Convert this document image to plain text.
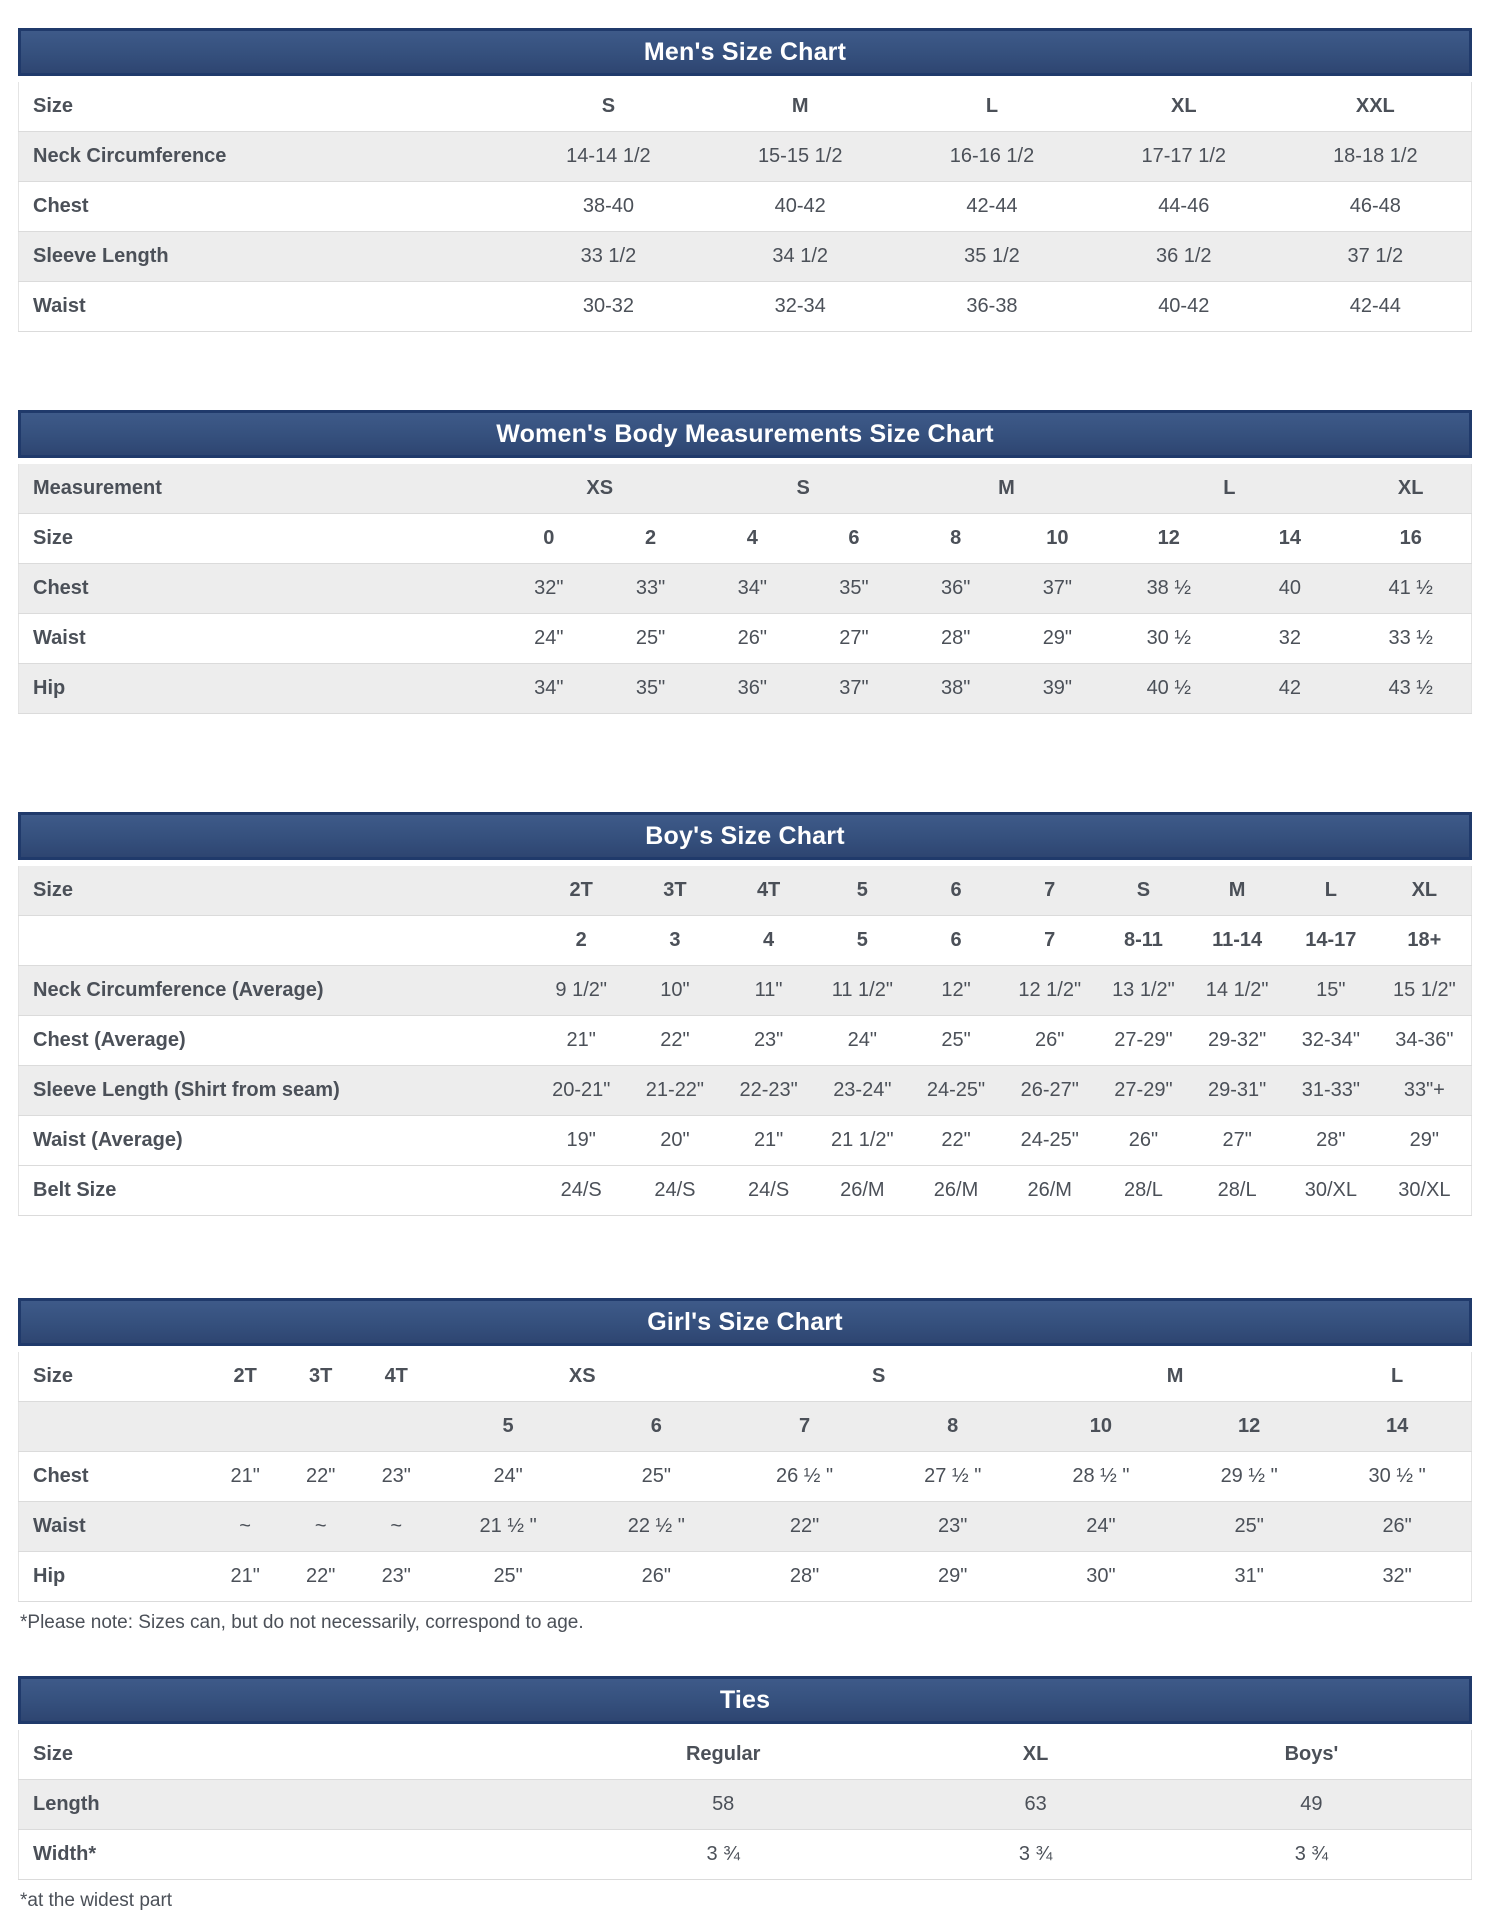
Men's Size Chart
Size	S	M	L	XL	XXL
Neck Circumference	14-14 1/2	15-15 1/2	16-16 1/2	17-17 1/2	18-18 1/2
Chest	38-40	40-42	42-44	44-46	46-48
Sleeve Length	33 1/2	34 1/2	35 1/2	36 1/2	37 1/2
Waist	30-32	32-34	36-38	40-42	42-44
Women's Body Measurements Size Chart
Measurement	XS		S		M		L		XL
Size	0	2	4	6	8	10	12	14	16
Chest	32"	33"	34"	35"	36"	37"	38 ½	40	41 ½
Waist	24"	25"	26"	27"	28"	29"	30 ½	32	33 ½
Hip	34"	35"	36"	37"	38"	39"	40 ½	42	43 ½
Boy's Size Chart
Size	2T	3T	4T	5	6	7	S	M	L	XL
	2	3	4	5	6	7	8-11	11-14	14-17	18+
Neck Circumference (Average)	9 1/2"	10"	11"	11 1/2"	12"	12 1/2"	13 1/2"	14 1/2"	15"	15 1/2"
Chest (Average)	21"	22"	23"	24"	25"	26"	27-29"	29-32"	32-34"	34-36"
Sleeve Length (Shirt from seam)	20-21"	21-22"	22-23"	23-24"	24-25"	26-27"	27-29"	29-31"	31-33"	33"+
Waist (Average)	19"	20"	21"	21 1/2"	22"	24-25"	26"	27"	28"	29"
Belt Size	24/S	24/S	24/S	26/M	26/M	26/M	28/L	28/L	30/XL	30/XL
Girl's Size Chart
Size	2T	3T	4T	XS		S		M		L
				5	6	7	8	10	12	14
Chest	21"	22"	23"	24"	25"	26 ½ "	27 ½ "	28 ½ "	29 ½ "	30 ½ "
Waist	~	~	~	21 ½ "	22 ½ "	22"	23"	24"	25"	26"
Hip	21"	22"	23"	25"	26"	28"	29"	30"	31"	32"

*Please note: Sizes can, but do not necessarily, correspond to age.

Ties
Size	Regular	XL	Boys'
Length	58	63	49
Width*	3 ¾	3 ¾	3 ¾

*at the widest part
